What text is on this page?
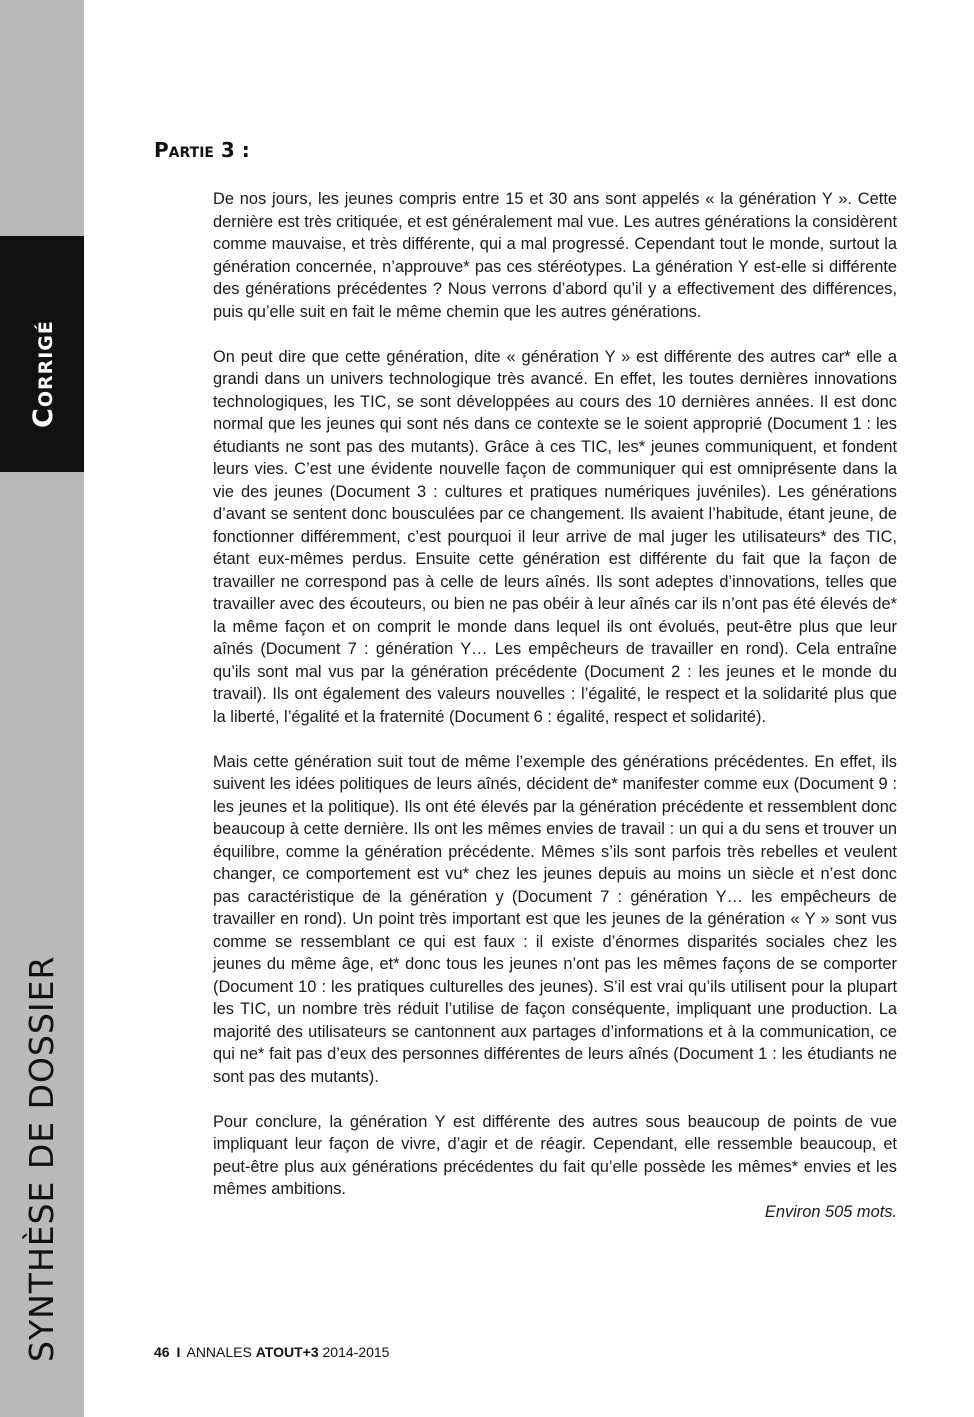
Corrigé
SYNTHÈSE DE DOSSIER
Partie 3 :

De nos jours, les jeunes compris entre 15 et 30 ans sont appelés « la génération Y ». Cette dernière est très critiquée, et est généralement mal vue. Les autres générations la considèrent comme mauvaise, et très différente, qui a mal progressé. Cependant tout le monde, surtout la génération concernée, n’approuve* pas ces stéréotypes. La génération Y est-elle si différente des générations précédentes ? Nous verrons d’abord qu’il y a effectivement des différences, puis qu’elle suit en fait le même chemin que les autres générations.

On peut dire que cette génération, dite « génération Y » est différente des autres car* elle a grandi dans un univers technologique très avancé. En effet, les toutes dernières innovations technologiques, les TIC, se sont développées au cours des 10 dernières années. Il est donc normal que les jeunes qui sont nés dans ce contexte se le soient approprié (Document 1 : les étudiants ne sont pas des mutants). Grâce à ces TIC, les* jeunes communiquent, et fondent leurs vies. C’est une évidente nouvelle façon de communiquer qui est omniprésente dans la vie des jeunes (Document 3 : cultures et pratiques numériques juvéniles). Les générations d’avant se sentent donc bousculées par ce changement. Ils avaient l’habitude, étant jeune, de fonctionner différemment, c’est pourquoi il leur arrive de mal juger les utilisateurs* des TIC, étant eux-mêmes perdus. Ensuite cette génération est différente du fait que la façon de travailler ne correspond pas à celle de leurs aînés. Ils sont adeptes d’innovations, telles que travailler avec des écouteurs, ou bien ne pas obéir à leur aînés car ils n’ont pas été élevés de* la même façon et on comprit le monde dans lequel ils ont évolués, peut-être plus que leur aînés (Document 7 : génération Y… Les empêcheurs de travailler en rond). Cela entraîne qu’ils sont mal vus par la génération précédente (Document 2 : les jeunes et le monde du travail). Ils ont également des valeurs nouvelles : l’égalité, le respect et la solidarité plus que la liberté, l’égalité et la fraternité (Document 6 : égalité, respect et solidarité).

Mais cette génération suit tout de même l’exemple des générations précédentes. En effet, ils suivent les idées politiques de leurs aînés, décident de* manifester comme eux (Document 9 : les jeunes et la politique). Ils ont été élevés par la génération précédente et ressemblent donc beaucoup à cette dernière. Ils ont les mêmes envies de travail : un qui a du sens et trouver un équilibre, comme la génération précédente. Mêmes s’ils sont parfois très rebelles et veulent changer, ce comportement est vu* chez les jeunes depuis au moins un siècle et n’est donc pas caractéristique de la génération y (Document 7 : génération Y… les empêcheurs de travailler en rond). Un point très important est que les jeunes de la génération « Y » sont vus comme se ressemblant ce qui est faux : il existe d’énormes disparités sociales chez les jeunes du même âge, et* donc tous les jeunes n’ont pas les mêmes façons de se comporter (Document 10 : les pratiques culturelles des jeunes). S’il est vrai qu’ils utilisent pour la plupart les TIC, un nombre très réduit l’utilise de façon conséquente, impliquant une production. La majorité des utilisateurs se cantonnent aux partages d’informations et à la communication, ce qui ne* fait pas d’eux des personnes différentes de leurs aînés (Document 1 : les étudiants ne sont pas des mutants).

Pour conclure, la génération Y est différente des autres sous beaucoup de points de vue impliquant leur façon de vivre, d’agir et de réagir. Cependant, elle ressemble beaucoup, et peut-être plus aux générations précédentes du fait qu’elle possède les mêmes* envies et les mêmes ambitions.

Environ 505 mots.
46 I ANNALES ATOUT+3 2014-2015
